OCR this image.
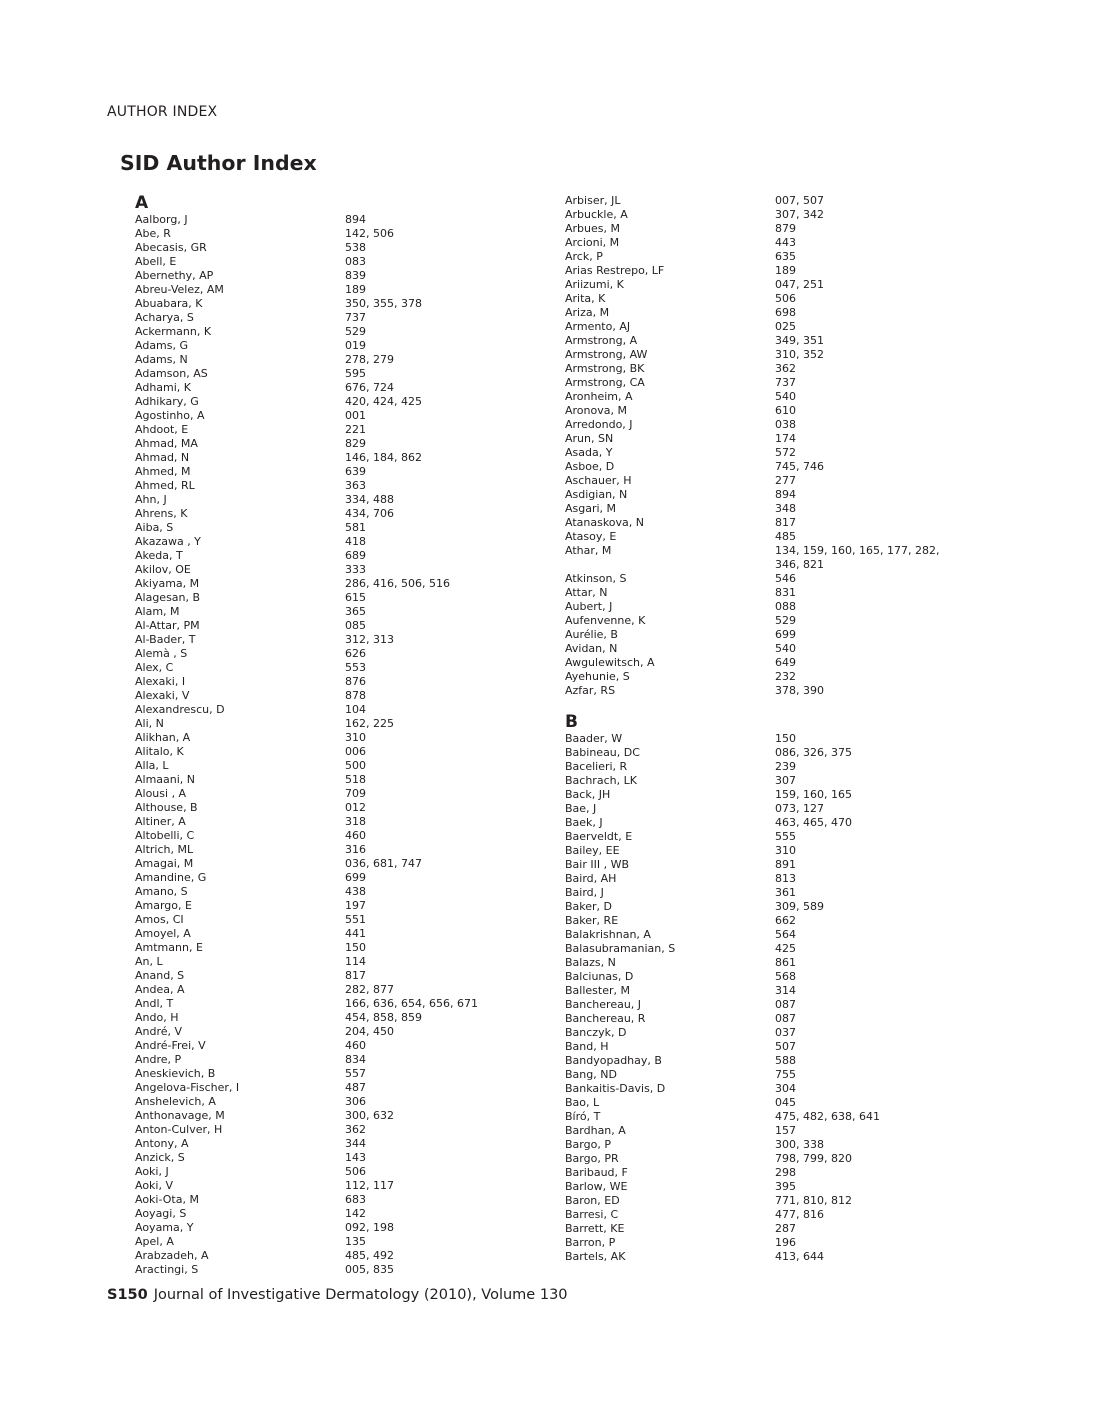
AUTHOR INDEX
SID Author Index
A
Aalborg, J	894
Abe, R	142, 506
Abecasis, GR	538
Abell, E	083
Abernethy, AP	839
Abreu-Velez, AM	189
Abuabara, K	350, 355, 378
Acharya, S	737
Ackermann, K	529
Adams, G	019
Adams, N	278, 279
Adamson, AS	595
Adhami, K	676, 724
Adhikary, G	420, 424, 425
Agostinho, A	001
Ahdoot, E	221
Ahmad, MA	829
Ahmad, N	146, 184, 862
Ahmed, M	639
Ahmed, RL	363
Ahn, J	334, 488
Ahrens, K	434, 706
Aiba, S	581
Akazawa , Y	418
Akeda, T	689
Akilov, OE	333
Akiyama, M	286, 416, 506, 516
Alagesan, B	615
Alam, M	365
Al-Attar, PM	085
Al-Bader, T	312, 313
Alemà , S	626
Alex, C	553
Alexaki, I	876
Alexaki, V	878
Alexandrescu, D	104
Ali, N	162, 225
Alikhan, A	310
Alitalo, K	006
Alla, L	500
Almaani, N	518
Alousi , A	709
Althouse, B	012
Altiner, A	318
Altobelli, C	460
Altrich, ML	316
Amagai, M	036, 681, 747
Amandine, G	699
Amano, S	438
Amargo, E	197
Amos, CI	551
Amoyel, A	441
Amtmann, E	150
An, L	114
Anand, S	817
Andea, A	282, 877
Andl, T	166, 636, 654, 656, 671
Ando, H	454, 858, 859
André, V	204, 450
André-Frei, V	460
Andre, P	834
Aneskievich, B	557
Angelova-Fischer, I	487
Anshelevich, A	306
Anthonavage, M	300, 632
Anton-Culver, H	362
Antony, A	344
Anzick, S	143
Aoki, J	506
Aoki, V	112, 117
Aoki-Ota, M	683
Aoyagi, S	142
Aoyama, Y	092, 198
Apel, A	135
Arabzadeh, A	485, 492
Aractingi, S	005, 835
Arbiser, JL	007, 507
Arbuckle, A	307, 342
Arbues, M	879
Arcioni, M	443
Arck, P	635
Arias Restrepo, LF	189
Ariizumi, K	047, 251
Arita, K	506
Ariza, M	698
Armento, AJ	025
Armstrong, A	349, 351
Armstrong, AW	310, 352
Armstrong, BK	362
Armstrong, CA	737
Aronheim, A	540
Aronova, M	610
Arredondo, J	038
Arun, SN	174
Asada, Y	572
Asboe, D	745, 746
Aschauer, H	277
Asdigian, N	894
Asgari, M	348
Atanaskova, N	817
Atasoy, E	485
Athar, M	134, 159, 160, 165, 177, 282, 346, 821
Atkinson, S	546
Attar, N	831
Aubert, J	088
Aufenvenne, K	529
Aurélie, B	699
Avidan, N	540
Awgulewitsch, A	649
Ayehunie, S	232
Azfar, RS	378, 390
B
Baader, W	150
Babineau, DC	086, 326, 375
Bacelieri, R	239
Bachrach, LK	307
Back, JH	159, 160, 165
Bae, J	073, 127
Baek, J	463, 465, 470
Baerveldt, E	555
Bailey, EE	310
Bair III , WB	891
Baird, AH	813
Baird, J	361
Baker, D	309, 589
Baker, RE	662
Balakrishnan, A	564
Balasubramanian, S	425
Balazs, N	861
Balciunas, D	568
Ballester, M	314
Banchereau, J	087
Banchereau, R	087
Banczyk, D	037
Band, H	507
Bandyopadhay, B	588
Bang, ND	755
Bankaitis-Davis, D	304
Bao, L	045
Bíró, T	475, 482, 638, 641
Bardhan, A	157
Bargo, P	300, 338
Bargo, PR	798, 799, 820
Baribaud, F	298
Barlow, WE	395
Baron, ED	771, 810, 812
Barresi, C	477, 816
Barrett, KE	287
Barron, P	196
Bartels, AK	413, 644
S150 Journal of Investigative Dermatology (2010), Volume 130
